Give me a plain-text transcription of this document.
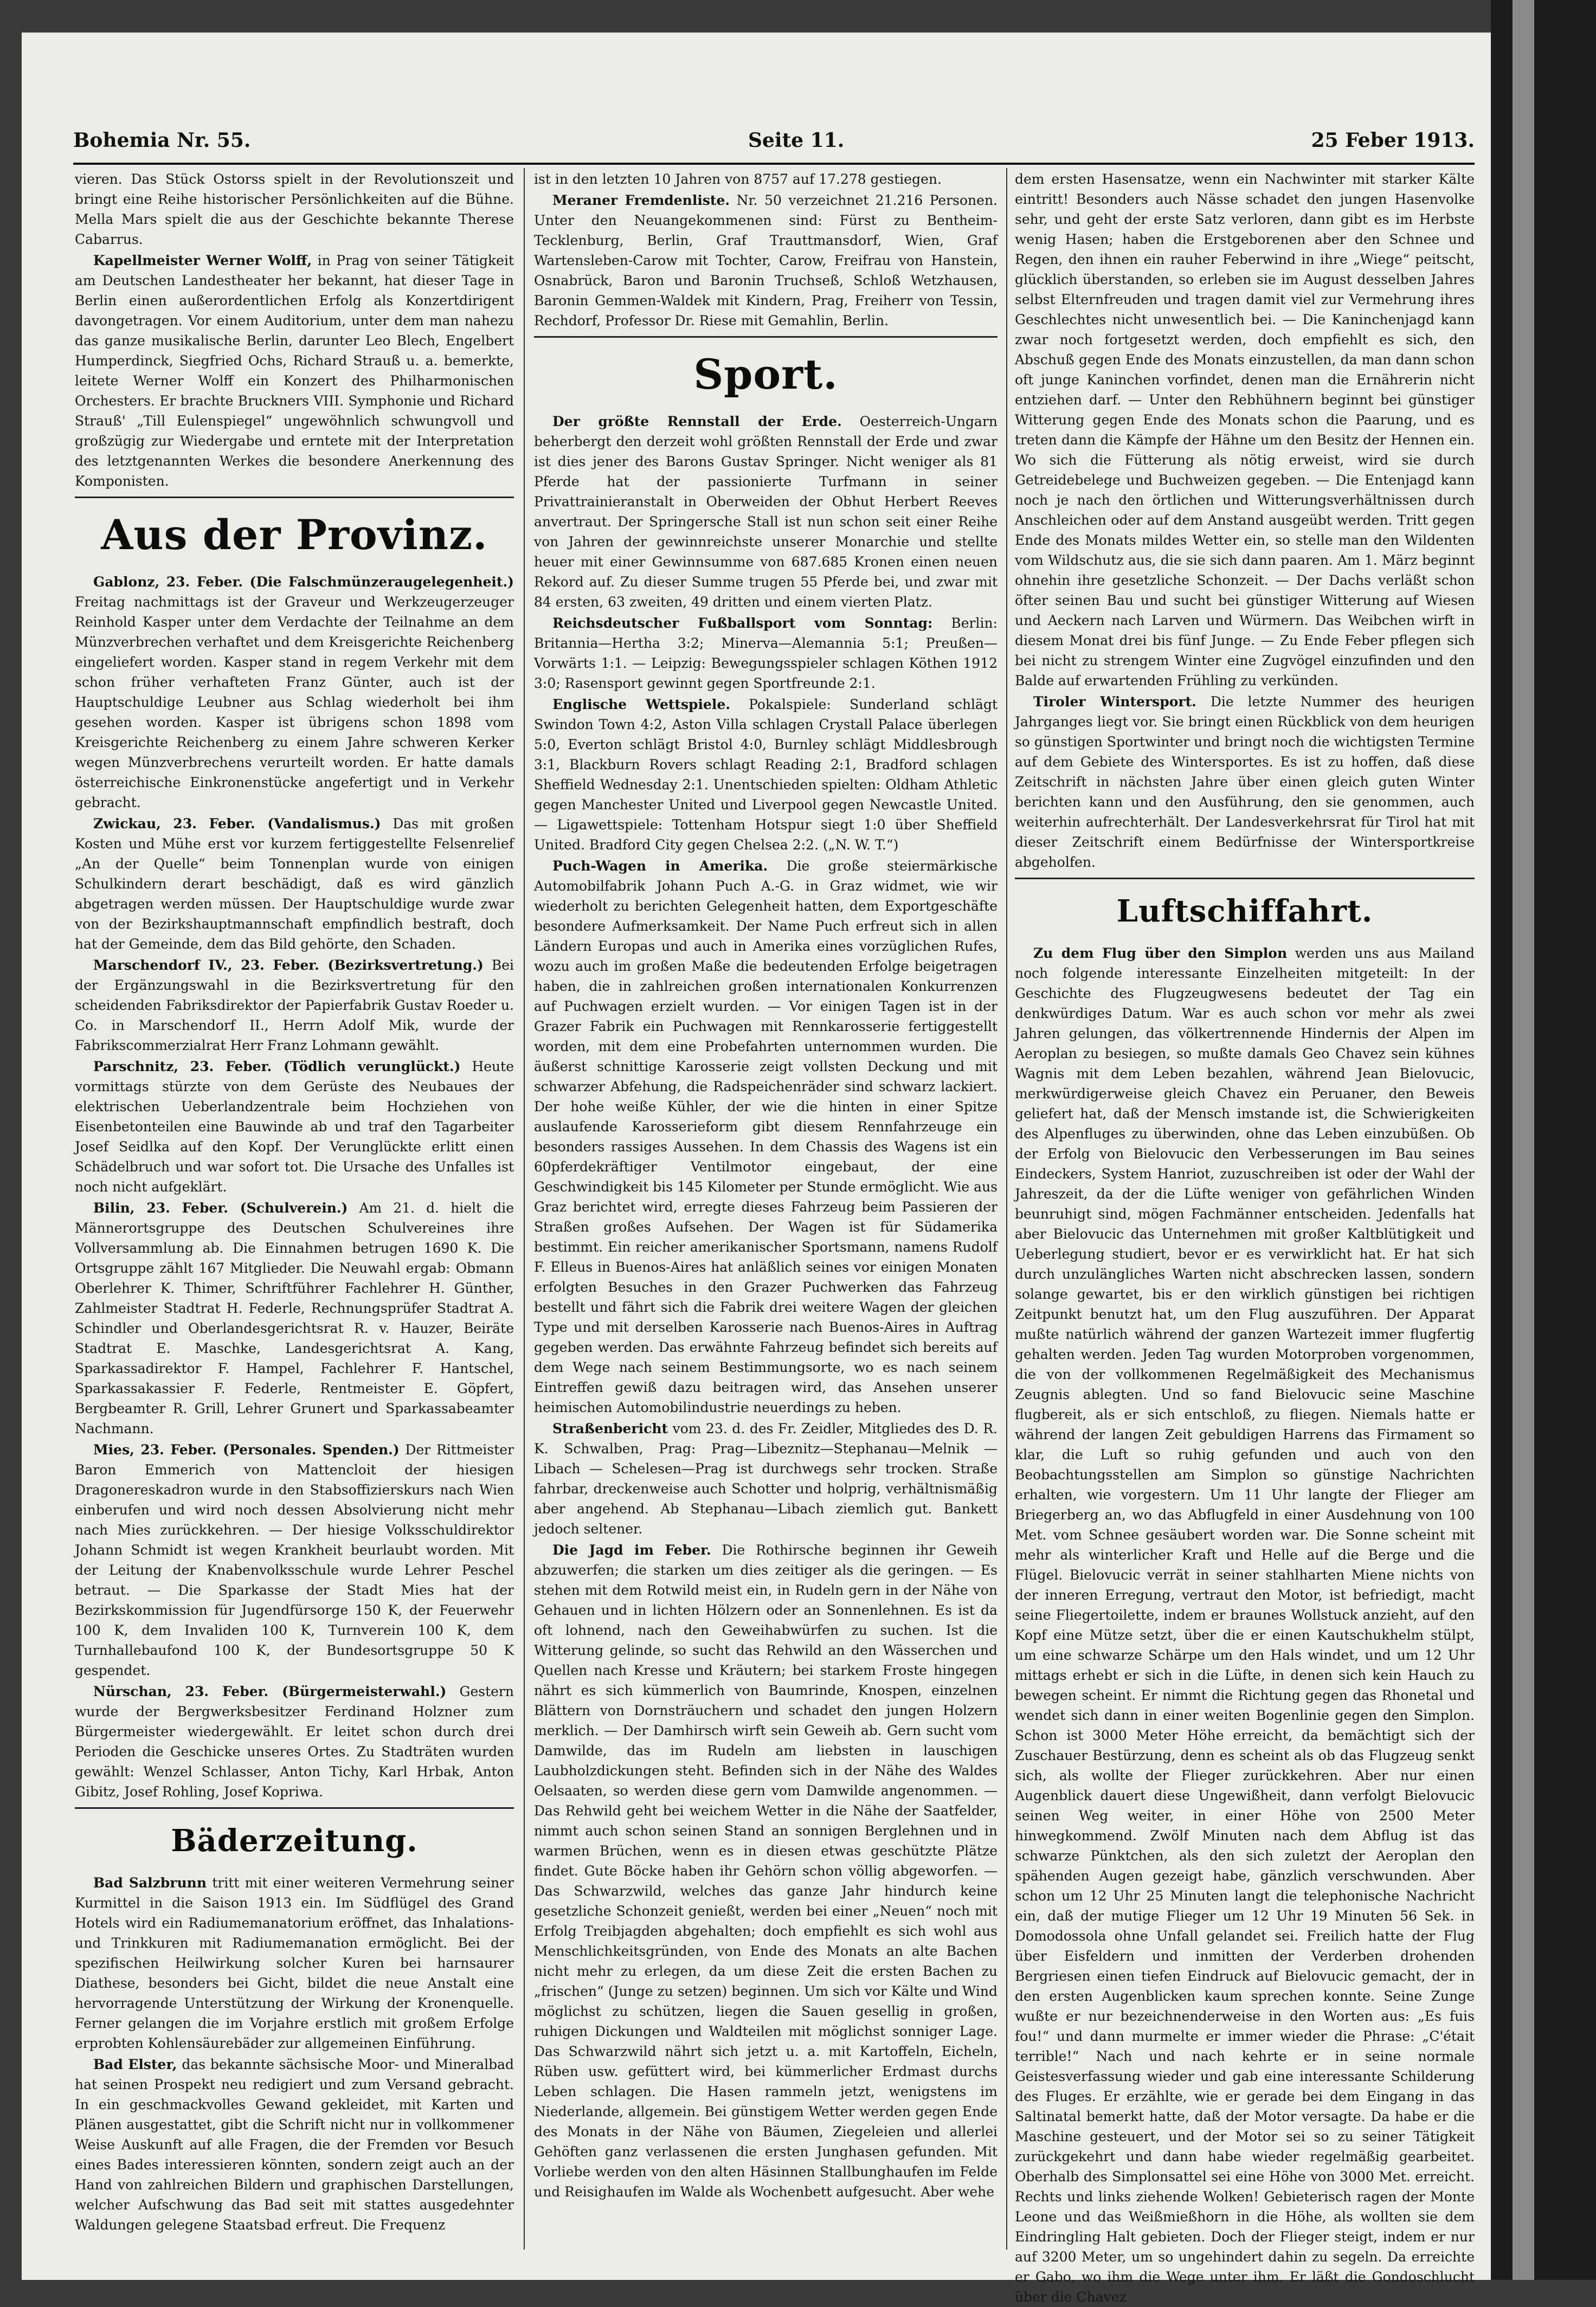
Bohemia Nr. 55.	Seite 11.	25 Feber 1913.

vieren. Das Stück Ostorss spielt in der Revolutionszeit und bringt eine Reihe historischer Persönlichkeiten auf die Bühne. Mella Mars spielt die aus der Geschichte bekannte Therese Cabarrus.

Kapellmeister Werner Wolff, in Prag von seiner Tätigkeit am Deutschen Landestheater her bekannt, hat dieser Tage in Berlin einen außerordentlichen Erfolg als Konzertdirigent davongetragen. Vor einem Auditorium, unter dem man nahezu das ganze musikalische Berlin, darunter Leo Blech, Engelbert Humperdinck, Siegfried Ochs, Richard Strauß u. a. bemerkte, leitete Werner Wolff ein Konzert des Philharmonischen Orchesters. Er brachte Bruckners VIII. Symphonie und Richard Strauß' „Till Eulenspiegel“ ungewöhnlich schwungvoll und großzügig zur Wiedergabe und erntete mit der Interpretation des letztgenannten Werkes die besondere Anerkennung des Komponisten.

Aus der Provinz.

Gablonz, 23. Feber. (Die Falschmünzeraugelegenheit.) Freitag nachmittags ist der Graveur und Werkzeugerzeuger Reinhold Kasper unter dem Verdachte der Teilnahme an dem Münzverbrechen verhaftet und dem Kreisgerichte Reichenberg eingeliefert worden. Kasper stand in regem Verkehr mit dem schon früher verhafteten Franz Günter, auch ist der Hauptschuldige Leubner aus Schlag wiederholt bei ihm gesehen worden. Kasper ist übrigens schon 1898 vom Kreisgerichte Reichenberg zu einem Jahre schweren Kerker wegen Münzverbrechens verurteilt worden. Er hatte damals österreichische Einkronenstücke angefertigt und in Verkehr gebracht.

Zwickau, 23. Feber. (Vandalismus.) Das mit großen Kosten und Mühe erst vor kurzem fertiggestellte Felsenrelief „An der Quelle“ beim Tonnenplan wurde von einigen Schulkindern derart beschädigt, daß es wird gänzlich abgetragen werden müssen. Der Hauptschuldige wurde zwar von der Bezirkshauptmannschaft empfindlich bestraft, doch hat der Gemeinde, dem das Bild gehörte, den Schaden.

Marschendorf IV., 23. Feber. (Bezirksvertretung.) Bei der Ergänzungswahl in die Bezirksvertretung für den scheidenden Fabriksdirektor der Papierfabrik Gustav Roeder u. Co. in Marschendorf II., Herrn Adolf Mik, wurde der Fabrikscommerzialrat Herr Franz Lohmann gewählt.

Parschnitz, 23. Feber. (Tödlich verunglückt.) Heute vormittags stürzte von dem Gerüste des Neubaues der elektrischen Ueberlandzentrale beim Hochziehen von Eisenbetonteilen eine Bauwinde ab und traf den Tagarbeiter Josef Seidlka auf den Kopf. Der Verunglückte erlitt einen Schädelbruch und war sofort tot. Die Ursache des Unfalles ist noch nicht aufgeklärt.

Bilin, 23. Feber. (Schulverein.) Am 21. d. hielt die Männerortsgruppe des Deutschen Schulvereines ihre Vollversammlung ab. Die Einnahmen betrugen 1690 K. Die Ortsgruppe zählt 167 Mitglieder. Die Neuwahl ergab: Obmann Oberlehrer K. Thimer, Schriftführer Fachlehrer H. Günther, Zahlmeister Stadtrat H. Federle, Rechnungsprüfer Stadtrat A. Schindler und Oberlandesgerichtsrat R. v. Hauzer, Beiräte Stadtrat E. Maschke, Landesgerichtsrat A. Kang, Sparkassadirektor F. Hampel, Fachlehrer F. Hantschel, Sparkassakassier F. Federle, Rentmeister E. Göpfert, Bergbeamter R. Grill, Lehrer Grunert und Sparkassabeamter Nachmann.

Mies, 23. Feber. (Personales. Spenden.) Der Rittmeister Baron Emmerich von Mattencloit der hiesigen Dragonereskadron wurde in den Stabsoffizierskurs nach Wien einberufen und wird noch dessen Absolvierung nicht mehr nach Mies zurückkehren. — Der hiesige Volksschuldirektor Johann Schmidt ist wegen Krankheit beurlaubt worden. Mit der Leitung der Knabenvolksschule wurde Lehrer Peschel betraut. — Die Sparkasse der Stadt Mies hat der Bezirkskommission für Jugendfürsorge 150 K, der Feuerwehr 100 K, dem Invaliden 100 K, Turnverein 100 K, dem Turnhallebaufond 100 K, der Bundesortsgruppe 50 K gespendet.

Nürschan, 23. Feber. (Bürgermeisterwahl.) Gestern wurde der Bergwerksbesitzer Ferdinand Holzner zum Bürgermeister wiedergewählt. Er leitet schon durch drei Perioden die Geschicke unseres Ortes. Zu Stadträten wurden gewählt: Wenzel Schlasser, Anton Tichy, Karl Hrbak, Anton Gibitz, Josef Rohling, Josef Kopriwa.

Bäderzeitung.

Bad Salzbrunn tritt mit einer weiteren Vermehrung seiner Kurmittel in die Saison 1913 ein. Im Südflügel des Grand Hotels wird ein Radiumemanatorium eröffnet, das Inhalations- und Trinkkuren mit Radiumemanation ermöglicht. Bei der spezifischen Heilwirkung solcher Kuren bei harnsaurer Diathese, besonders bei Gicht, bildet die neue Anstalt eine hervorragende Unterstützung der Wirkung der Kronenquelle. Ferner gelangen die im Vorjahre erstlich mit großem Erfolge erprobten Kohlensäurebäder zur allgemeinen Einführung.

Bad Elster, das bekannte sächsische Moor- und Mineralbad hat seinen Prospekt neu redigiert und zum Versand gebracht. In ein geschmackvolles Gewand gekleidet, mit Karten und Plänen ausgestattet, gibt die Schrift nicht nur in vollkommener Weise Auskunft auf alle Fragen, die der Fremden vor Besuch eines Bades interessieren könnten, sondern zeigt auch an der Hand von zahlreichen Bildern und graphischen Darstellungen, welcher Aufschwung das Bad seit mit stattes ausgedehnter Waldungen gelegene Staatsbad erfreut. Die Frequenz

ist in den letzten 10 Jahren von 8757 auf 17.278 gestiegen.

Meraner Fremdenliste. Nr. 50 verzeichnet 21.216 Personen. Unter den Neuangekommenen sind: Fürst zu Bentheim-Tecklenburg, Berlin, Graf Trauttmansdorf, Wien, Graf Wartensleben-Carow mit Tochter, Carow, Freifrau von Hanstein, Osnabrück, Baron und Baronin Truchseß, Schloß Wetzhausen, Baronin Gemmen-Waldek mit Kindern, Prag, Freiherr von Tessin, Rechdorf, Professor Dr. Riese mit Gemahlin, Berlin.

Sport.

Der größte Rennstall der Erde. Oesterreich-Ungarn beherbergt den derzeit wohl größten Rennstall der Erde und zwar ist dies jener des Barons Gustav Springer. Nicht weniger als 81 Pferde hat der passionierte Turfmann in seiner Privattrainieranstalt in Oberweiden der Obhut Herbert Reeves anvertraut. Der Springersche Stall ist nun schon seit einer Reihe von Jahren der gewinnreichste unserer Monarchie und stellte heuer mit einer Gewinnsumme von 687.685 Kronen einen neuen Rekord auf. Zu dieser Summe trugen 55 Pferde bei, und zwar mit 84 ersten, 63 zweiten, 49 dritten und einem vierten Platz.

Reichsdeutscher Fußballsport vom Sonntag: Berlin: Britannia—Hertha 3:2; Minerva—Alemannia 5:1; Preußen—Vorwärts 1:1. — Leipzig: Bewegungsspieler schlagen Köthen 1912 3:0; Rasensport gewinnt gegen Sportfreunde 2:1.

Englische Wettspiele. Pokalspiele: Sunderland schlägt Swindon Town 4:2, Aston Villa schlagen Crystall Palace überlegen 5:0, Everton schlägt Bristol 4:0, Burnley schlägt Middlesbrough 3:1, Blackburn Rovers schlagt Reading 2:1, Bradford schlagen Sheffield Wednesday 2:1. Unentschieden spielten: Oldham Athletic gegen Manchester United und Liverpool gegen Newcastle United. — Ligawettspiele: Tottenham Hotspur siegt 1:0 über Sheffield United. Bradford City gegen Chelsea 2:2. („N. W. T.“)

Puch-Wagen in Amerika. Die große steiermärkische Automobilfabrik Johann Puch A.-G. in Graz widmet, wie wir wiederholt zu berichten Gelegenheit hatten, dem Exportgeschäfte besondere Aufmerksamkeit. Der Name Puch erfreut sich in allen Ländern Europas und auch in Amerika eines vorzüglichen Rufes, wozu auch im großen Maße die bedeutenden Erfolge beigetragen haben, die in zahlreichen großen internationalen Konkurrenzen auf Puchwagen erzielt wurden. — Vor einigen Tagen ist in der Grazer Fabrik ein Puchwagen mit Rennkarosserie fertiggestellt worden, mit dem eine Probefahrten unternommen wurden. Die äußerst schnittige Karosserie zeigt vollsten Deckung und mit schwarzer Abfehung, die Radspeichenräder sind schwarz lackiert. Der hohe weiße Kühler, der wie die hinten in einer Spitze auslaufende Karosserieform gibt diesem Rennfahrzeuge ein besonders rassiges Aussehen. In dem Chassis des Wagens ist ein 60pferdekräftiger Ventilmotor eingebaut, der eine Geschwindigkeit bis 145 Kilometer per Stunde ermöglicht. Wie aus Graz berichtet wird, erregte dieses Fahrzeug beim Passieren der Straßen großes Aufsehen. Der Wagen ist für Südamerika bestimmt. Ein reicher amerikanischer Sportsmann, namens Rudolf F. Elleus in Buenos-Aires hat anläßlich seines vor einigen Monaten erfolgten Besuches in den Grazer Puchwerken das Fahrzeug bestellt und fährt sich die Fabrik drei weitere Wagen der gleichen Type und mit derselben Karosserie nach Buenos-Aires in Auftrag gegeben werden. Das erwähnte Fahrzeug befindet sich bereits auf dem Wege nach seinem Bestimmungsorte, wo es nach seinem Eintreffen gewiß dazu beitragen wird, das Ansehen unserer heimischen Automobilindustrie neuerdings zu heben.

Straßenbericht vom 23. d. des Fr. Zeidler, Mitgliedes des D. R. K. Schwalben, Prag: Prag—Libeznitz—Stephanau—Melnik — Libach — Schelesen—Prag ist durchwegs sehr trocken. Straße fahrbar, dreckenweise auch Schotter und holprig, verhältnismäßig aber angehend. Ab Stephanau—Libach ziemlich gut. Bankett jedoch seltener.

Die Jagd im Feber. Die Rothirsche beginnen ihr Geweih abzuwerfen; die starken um dies zeitiger als die geringen. — Es stehen mit dem Rotwild meist ein, in Rudeln gern in der Nähe von Gehauen und in lichten Hölzern oder an Sonnenlehnen. Es ist da oft lohnend, nach den Geweihabwürfen zu suchen. Ist die Witterung gelinde, so sucht das Rehwild an den Wässerchen und Quellen nach Kresse und Kräutern; bei starkem Froste hingegen nährt es sich kümmerlich von Baumrinde, Knospen, einzelnen Blättern von Dornsträuchern und schadet den jungen Holzern merklich. — Der Damhirsch wirft sein Geweih ab. Gern sucht vom Damwilde, das im Rudeln am liebsten in lauschigen Laubholzdickungen steht. Befinden sich in der Nähe des Waldes Oelsaaten, so werden diese gern vom Damwilde angenommen. — Das Rehwild geht bei weichem Wetter in die Nähe der Saatfelder, nimmt auch schon seinen Stand an sonnigen Berglehnen und in warmen Brüchen, wenn es in diesen etwas geschützte Plätze findet. Gute Böcke haben ihr Gehörn schon völlig abgeworfen. — Das Schwarzwild, welches das ganze Jahr hindurch keine gesetzliche Schonzeit genießt, werden bei einer „Neuen“ noch mit Erfolg Treibjagden abgehalten; doch empfiehlt es sich wohl aus Menschlichkeitsgründen, von Ende des Monats an alte Bachen nicht mehr zu erlegen, da um diese Zeit die ersten Bachen zu „frischen“ (Junge zu setzen) beginnen. Um sich vor Kälte und Wind möglichst zu schützen, liegen die Sauen gesellig in großen, ruhigen Dickungen und Waldteilen mit möglichst sonniger Lage. Das Schwarzwild nährt sich jetzt u. a. mit Kartoffeln, Eicheln, Rüben usw. gefüttert wird, bei kümmerlicher Erdmast durchs Leben schlagen. Die Hasen rammeln jetzt, wenigstens im Niederlande, allgemein. Bei günstigem Wetter werden gegen Ende des Monats in der Nähe von Bäumen, Ziegeleien und allerlei Gehöften ganz verlassenen die ersten Junghasen gefunden. Mit Vorliebe werden von den alten Häsinnen Stallbunghaufen im Felde und Reisighaufen im Walde als Wochenbett aufgesucht. Aber wehe

dem ersten Hasensatze, wenn ein Nachwinter mit starker Kälte eintritt! Besonders auch Nässe schadet den jungen Hasenvolke sehr, und geht der erste Satz verloren, dann gibt es im Herbste wenig Hasen; haben die Erstgeborenen aber den Schnee und Regen, den ihnen ein rauher Feberwind in ihre „Wiege“ peitscht, glücklich überstanden, so erleben sie im August desselben Jahres selbst Elternfreuden und tragen damit viel zur Vermehrung ihres Geschlechtes nicht unwesentlich bei. — Die Kaninchenjagd kann zwar noch fortgesetzt werden, doch empfiehlt es sich, den Abschuß gegen Ende des Monats einzustellen, da man dann schon oft junge Kaninchen vorfindet, denen man die Ernährerin nicht entziehen darf. — Unter den Rebhühnern beginnt bei günstiger Witterung gegen Ende des Monats schon die Paarung, und es treten dann die Kämpfe der Hähne um den Besitz der Hennen ein. Wo sich die Fütterung als nötig erweist, wird sie durch Getreidebelege und Buchweizen gegeben. — Die Entenjagd kann noch je nach den örtlichen und Witterungsverhältnissen durch Anschleichen oder auf dem Anstand ausgeübt werden. Tritt gegen Ende des Monats mildes Wetter ein, so stelle man den Wildenten vom Wildschutz aus, die sie sich dann paaren. Am 1. März beginnt ohnehin ihre gesetzliche Schonzeit. — Der Dachs verläßt schon öfter seinen Bau und sucht bei günstiger Witterung auf Wiesen und Aeckern nach Larven und Würmern. Das Weibchen wirft in diesem Monat drei bis fünf Junge. — Zu Ende Feber pflegen sich bei nicht zu strengem Winter eine Zugvögel einzufinden und den Balde auf erwartenden Frühling zu verkünden.

Tiroler Wintersport. Die letzte Nummer des heurigen Jahrganges liegt vor. Sie bringt einen Rückblick von dem heurigen so günstigen Sportwinter und bringt noch die wichtigsten Termine auf dem Gebiete des Wintersportes. Es ist zu hoffen, daß diese Zeitschrift in nächsten Jahre über einen gleich guten Winter berichten kann und den Ausführung, den sie genommen, auch weiterhin aufrechterhält. Der Landesverkehrsrat für Tirol hat mit dieser Zeitschrift einem Bedürfnisse der Wintersportkreise abgeholfen.

Luftschiffahrt.

Zu dem Flug über den Simplon werden uns aus Mailand noch folgende interessante Einzelheiten mitgeteilt: In der Geschichte des Flugzeugwesens bedeutet der Tag ein denkwürdiges Datum. War es auch schon vor mehr als zwei Jahren gelungen, das völkertrennende Hindernis der Alpen im Aeroplan zu besiegen, so mußte damals Geo Chavez sein kühnes Wagnis mit dem Leben bezahlen, während Jean Bielovucic, merkwürdigerweise gleich Chavez ein Peruaner, den Beweis geliefert hat, daß der Mensch imstande ist, die Schwierigkeiten des Alpenfluges zu überwinden, ohne das Leben einzubüßen. Ob der Erfolg von Bielovucic den Verbesserungen im Bau seines Eindeckers, System Hanriot, zuzuschreiben ist oder der Wahl der Jahreszeit, da der die Lüfte weniger von gefährlichen Winden beunruhigt sind, mögen Fachmänner entscheiden. Jedenfalls hat aber Bielovucic das Unternehmen mit großer Kaltblütigkeit und Ueberlegung studiert, bevor er es verwirklicht hat. Er hat sich durch unzulängliches Warten nicht abschrecken lassen, sondern solange gewartet, bis er den wirklich günstigen bei richtigen Zeitpunkt benutzt hat, um den Flug auszuführen. Der Apparat mußte natürlich während der ganzen Wartezeit immer flugfertig gehalten werden. Jeden Tag wurden Motorproben vorgenommen, die von der vollkommenen Regelmäßigkeit des Mechanismus Zeugnis ablegten. Und so fand Bielovucic seine Maschine flugbereit, als er sich entschloß, zu fliegen. Niemals hatte er während der langen Zeit gebuldigen Harrens das Firmament so klar, die Luft so ruhig gefunden und auch von den Beobachtungsstellen am Simplon so günstige Nachrichten erhalten, wie vorgestern. Um 11 Uhr langte der Flieger am Briegerberg an, wo das Abflugfeld in einer Ausdehnung von 100 Met. vom Schnee gesäubert worden war. Die Sonne scheint mit mehr als winterlicher Kraft und Helle auf die Berge und die Flügel. Bielovucic verrät in seiner stahlharten Miene nichts von der inneren Erregung, vertraut den Motor, ist befriedigt, macht seine Fliegertoilette, indem er braunes Wollstuck anzieht, auf den Kopf eine Mütze setzt, über die er einen Kautschukhelm stülpt, um eine schwarze Schärpe um den Hals windet, und um 12 Uhr mittags erhebt er sich in die Lüfte, in denen sich kein Hauch zu bewegen scheint. Er nimmt die Richtung gegen das Rhonetal und wendet sich dann in einer weiten Bogenlinie gegen den Simplon. Schon ist 3000 Meter Höhe erreicht, da bemächtigt sich der Zuschauer Bestürzung, denn es scheint als ob das Flugzeug senkt sich, als wollte der Flieger zurückkehren. Aber nur einen Augenblick dauert diese Ungewißheit, dann verfolgt Bielovucic seinen Weg weiter, in einer Höhe von 2500 Meter hinwegkommend. Zwölf Minuten nach dem Abflug ist das schwarze Pünktchen, als den sich zuletzt der Aeroplan den spähenden Augen gezeigt habe, gänzlich verschwunden. Aber schon um 12 Uhr 25 Minuten langt die telephonische Nachricht ein, daß der mutige Flieger um 12 Uhr 19 Minuten 56 Sek. in Domodossola ohne Unfall gelandet sei. Freilich hatte der Flug über Eisfeldern und inmitten der Verderben drohenden Bergriesen einen tiefen Eindruck auf Bielovucic gemacht, der in den ersten Augenblicken kaum sprechen konnte. Seine Zunge wußte er nur bezeichnenderweise in den Worten aus: „Es fuis fou!“ und dann murmelte er immer wieder die Phrase: „C'était terrible!“ Nach und nach kehrte er in seine normale Geistesverfassung wieder und gab eine interessante Schilderung des Fluges. Er erzählte, wie er gerade bei dem Eingang in das Saltinatal bemerkt hatte, daß der Motor versagte. Da habe er die Maschine gesteuert, und der Motor sei so zu seiner Tätigkeit zurückgekehrt und dann habe wieder regelmäßig gearbeitet. Oberhalb des Simplonsattel sei eine Höhe von 3000 Met. erreicht. Rechts und links ziehende Wolken! Gebieterisch ragen der Monte Leone und das Weißmießhorn in die Höhe, als wollten sie dem Eindringling Halt gebieten. Doch der Flieger steigt, indem er nur auf 3200 Meter, um so ungehindert dahin zu segeln. Da erreichte er Gabo, wo ihm die Wege unter ihm. Er läßt die Gondoschlucht über die Chavez
